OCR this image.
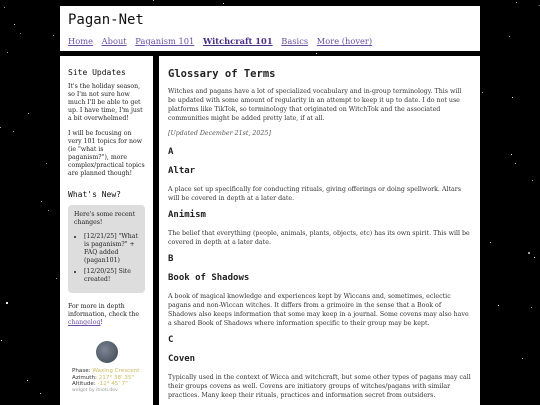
Pagan-Net
Home About Paganism 101 Witchcraft 101 Basics More (hover)
Site Updates

It's the holiday season, so I'm not sure how much I'll be able to get up. I have time, I'm just a bit overwhelmed!

I will be focusing on very 101 topics for now (ie "what is paganism?"), more complex/practical topics are planned though!

What's New?
Here's some recent changes!
• [12/21/25] "What is paganism?" + FAQ added (pagan101)
• [12/20/25] Site created!

For more in depth information, check the changelog!

Phase: Waxing Crescent
Azimuth: 217° 38' 35"
Altitude: -12° 45' 7"
widget by itnoti.dev
Glossary of Terms

Witches and pagans have a lot of specialized vocabulary and in-group terminology. This will be updated with some amount of regularity in an attempt to keep it up to date. I do not use platforms like TikTok, so terminology that originated on WitchTok and the associated communities might be added pretty late, if at all.

[Updated December 21st, 2025]

A
Altar

A place set up specifically for conducting rituals, giving offerings or doing spellwork. Altars will be covered in depth at a later date.

Animism

The belief that everything (people, animals, plants, objects, etc) has its own spirit. This will be covered in depth at a later date.

B
Book of Shadows

A book of magical knowledge and experiences kept by Wiccans and, sometimes, eclectic pagans and non-Wiccan witches. It differs from a grimoire in the sense that a Book of Shadows also keeps information that some may keep in a journal. Some covens may also have a shared Book of Shadows where information specific to their group may be kept.

C
Coven

Typically used in the context of Wicca and witchcraft, but some other types of pagans may call their groups covens as well. Covens are initiatory groups of witches/pagans with similar practices. Many keep their rituals, practices and information secret from outsiders.
